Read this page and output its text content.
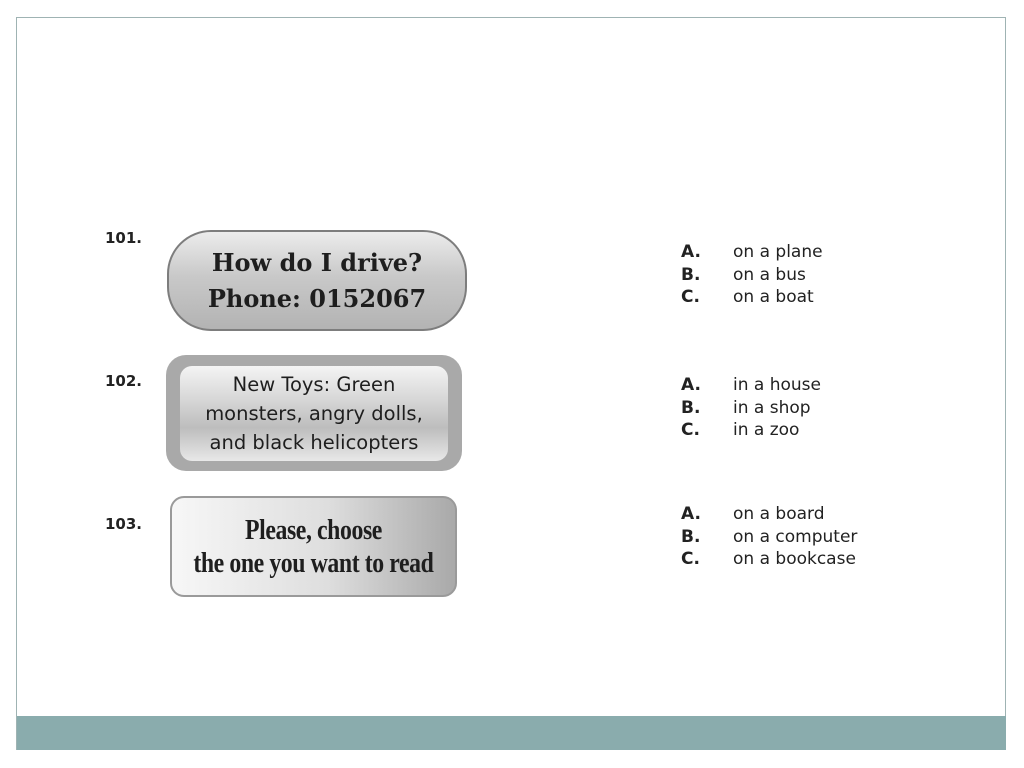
101.
How do I drive?
Phone: 0152067
A.	on a plane
B.	on a bus
C.	on a boat
102.	New Toys: Green
monsters, angry dolls,
and black helicopters
A.	in a house
B.	in a shop
C.	in a zoo
103.	Please, choose
the one you want to read
A.	on a board
B.	on a computer
C.	on a bookcase
